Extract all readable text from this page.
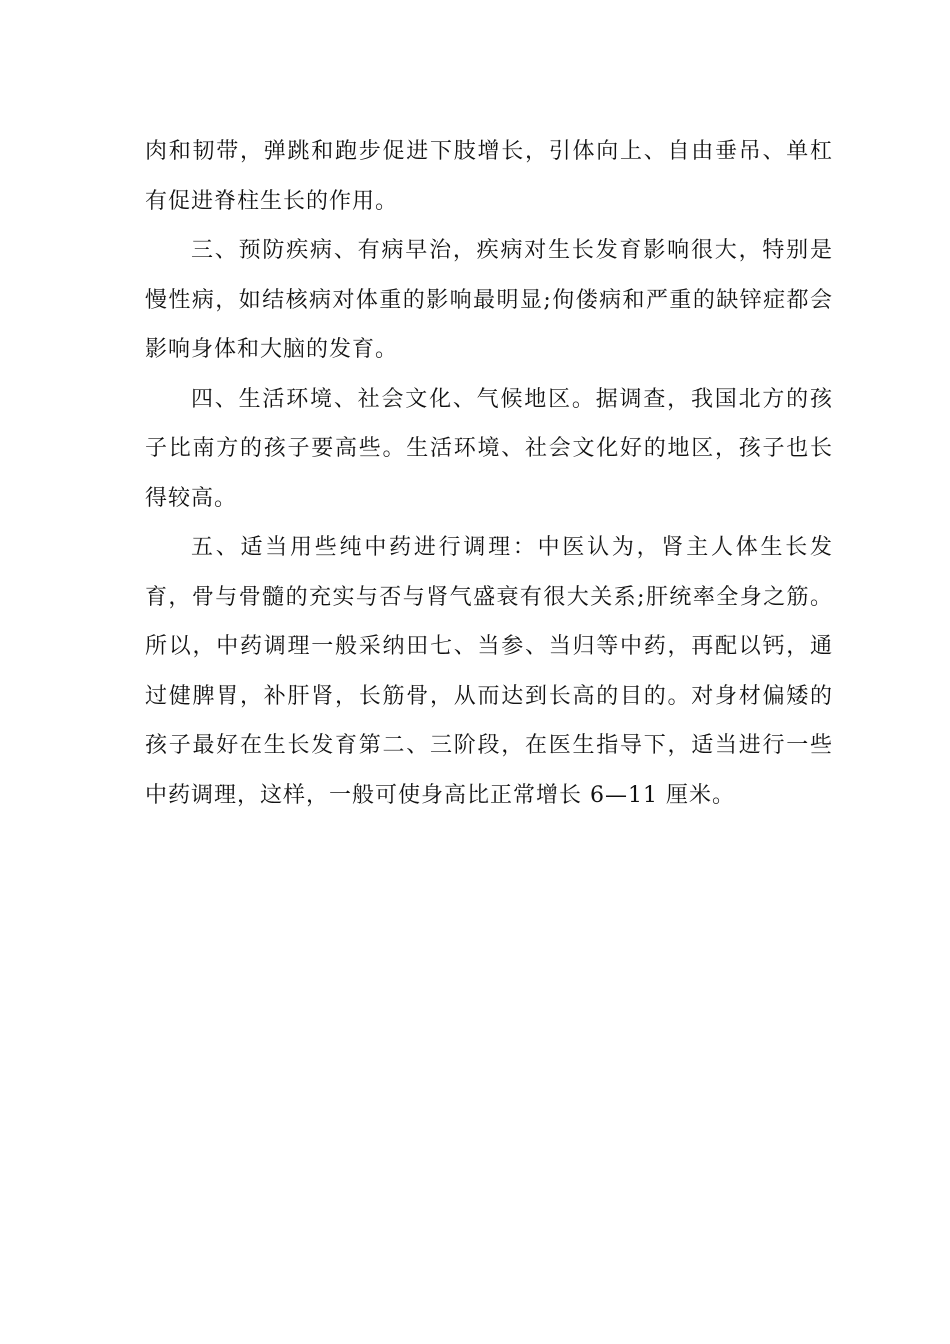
肉和韧带，弹跳和跑步促进下肢增长，引体向上、自由垂吊、单杠有促进脊柱生长的作用。

三、预防疾病、有病早治，疾病对生长发育影响很大，特别是慢性病，如结核病对体重的影响最明显;佝偻病和严重的缺锌症都会影响身体和大脑的发育。

四、生活环境、社会文化、气候地区。据调查，我国北方的孩子比南方的孩子要高些。生活环境、社会文化好的地区，孩子也长得较高。

五、适当用些纯中药进行调理：中医认为，肾主人体生长发育，骨与骨髓的充实与否与肾气盛衰有很大关系;肝统率全身之筋。所以，中药调理一般采纳田七、当参、当归等中药，再配以钙，通过健脾胃，补肝肾，长筋骨，从而达到长高的目的。对身材偏矮的孩子最好在生长发育第二、三阶段，在医生指导下，适当进行一些中药调理，这样，一般可使身高比正常增长 6—11 厘米。
